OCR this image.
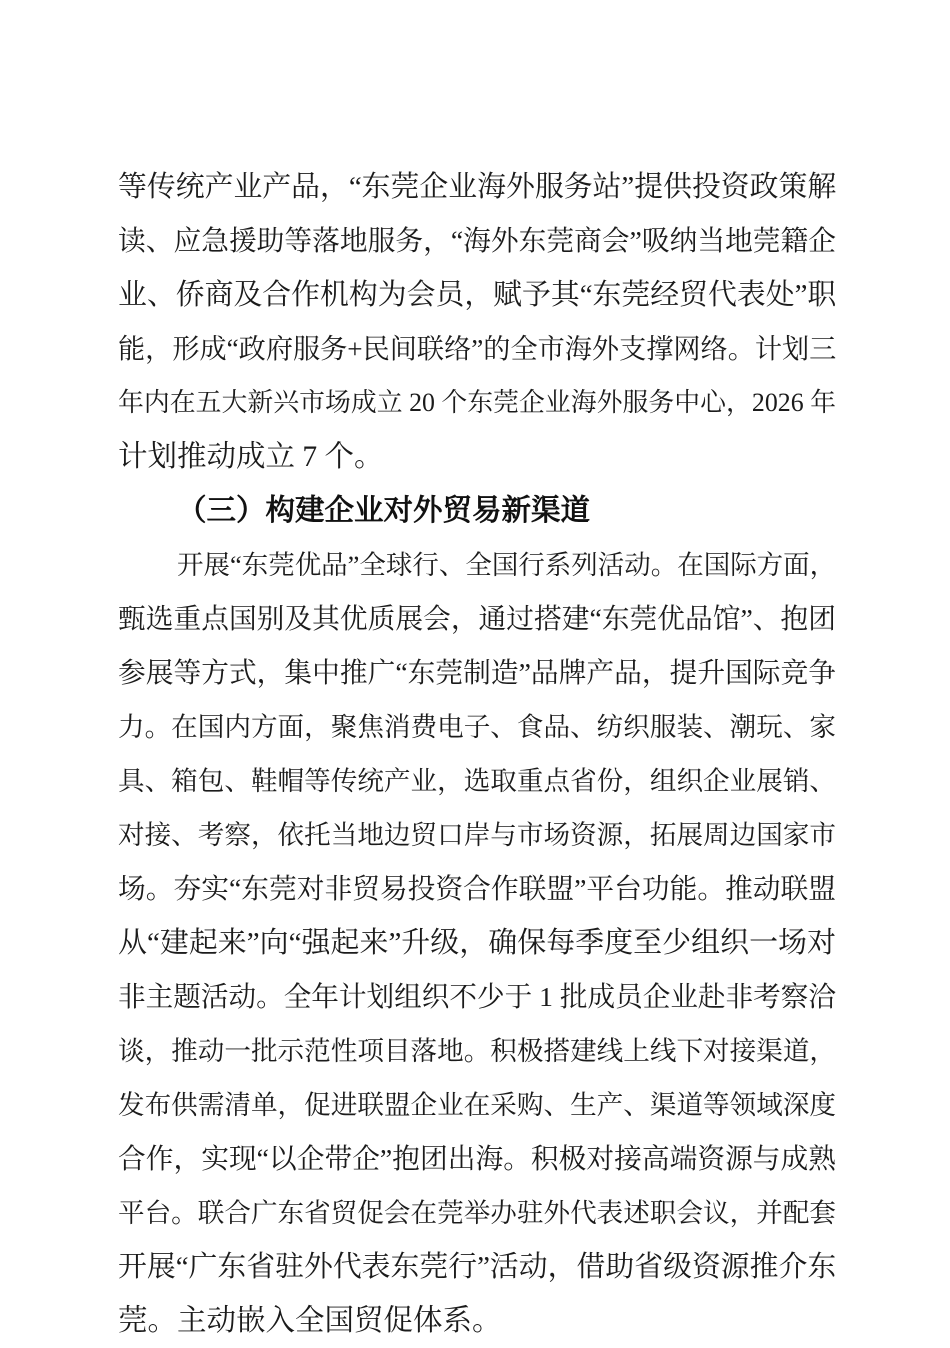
等传统产业产品，“东莞企业海外服务站”提供投资政策解
读、应急援助等落地服务，“海外东莞商会”吸纳当地莞籍企
业、侨商及合作机构为会员，赋予其“东莞经贸代表处”职
能，形成“政府服务+民间联络”的全市海外支撑网络。计划三
年内在五大新兴市场成立 20 个东莞企业海外服务中心，2026 年
计划推动成立 7 个。
（三）构建企业对外贸易新渠道
开展“东莞优品”全球行、全国行系列活动。在国际方面，
甄选重点国别及其优质展会，通过搭建“东莞优品馆”、抱团
参展等方式，集中推广“东莞制造”品牌产品，提升国际竞争
力。在国内方面，聚焦消费电子、食品、纺织服装、潮玩、家
具、箱包、鞋帽等传统产业，选取重点省份，组织企业展销、
对接、考察，依托当地边贸口岸与市场资源，拓展周边国家市
场。夯实“东莞对非贸易投资合作联盟”平台功能。推动联盟
从“建起来”向“强起来”升级，确保每季度至少组织一场对
非主题活动。全年计划组织不少于 1 批成员企业赴非考察洽
谈，推动一批示范性项目落地。积极搭建线上线下对接渠道，
发布供需清单，促进联盟企业在采购、生产、渠道等领域深度
合作，实现“以企带企”抱团出海。积极对接高端资源与成熟
平台。联合广东省贸促会在莞举办驻外代表述职会议，并配套
开展“广东省驻外代表东莞行”活动，借助省级资源推介东
莞。主动嵌入全国贸促体系。
